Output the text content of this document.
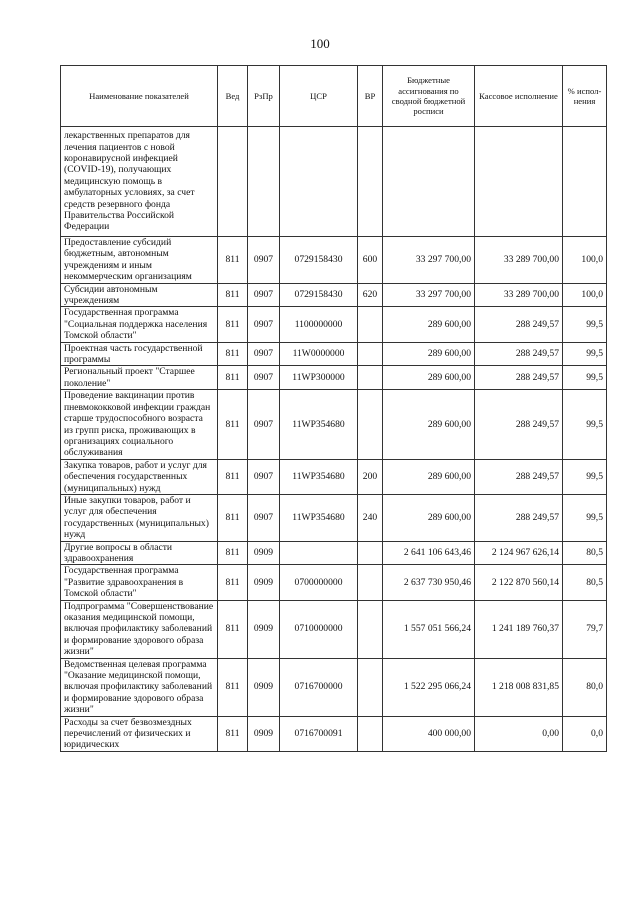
100
Наименование показателей	Вед	РзПр	ЦСР	ВР	Бюджетные ассигнования по сводной бюджетной росписи	Кассовое исполнение	% испол-нения
лекарственных препаратов для лечения пациентов с новой коронавирусной инфекцией (COVID-19), получающих медицинскую помощь в амбулаторных условиях, за счет средств резервного фонда Правительства Российской Федерации							
Предоставление субсидий бюджетным, автономным учреждениям и иным некоммерческим организациям	811	0907	0729158430	600	33 297 700,00	33 289 700,00	100,0
Субсидии автономным учреждениям	811	0907	0729158430	620	33 297 700,00	33 289 700,00	100,0
Государственная программа "Социальная поддержка населения Томской области"	811	0907	1100000000		289 600,00	288 249,57	99,5
Проектная часть государственной программы	811	0907	11W0000000		289 600,00	288 249,57	99,5
Региональный проект "Старшее поколение"	811	0907	11WP300000		289 600,00	288 249,57	99,5
Проведение вакцинации против пневмококковой инфекции граждан старше трудоспособного возраста из групп риска, проживающих в организациях социального обслуживания	811	0907	11WP354680		289 600,00	288 249,57	99,5
Закупка товаров, работ и услуг для обеспечения государственных (муниципальных) нужд	811	0907	11WP354680	200	289 600,00	288 249,57	99,5
Иные закупки товаров, работ и услуг для обеспечения государственных (муниципальных) нужд	811	0907	11WP354680	240	289 600,00	288 249,57	99,5
Другие вопросы в области здравоохранения	811	0909			2 641 106 643,46	2 124 967 626,14	80,5
Государственная программа "Развитие здравоохранения в Томской области"	811	0909	0700000000		2 637 730 950,46	2 122 870 560,14	80,5
Подпрограмма "Совершенствование оказания медицинской помощи, включая профилактику заболеваний и формирование здорового образа жизни"	811	0909	0710000000		1 557 051 566,24	1 241 189 760,37	79,7
Ведомственная целевая программа "Оказание медицинской помощи, включая профилактику заболеваний и формирование здорового образа жизни"	811	0909	0716700000		1 522 295 066,24	1 218 008 831,85	80,0
Расходы за счет безвозмездных перечислений от физических и юридических	811	0909	0716700091		400 000,00	0,00	0,0
